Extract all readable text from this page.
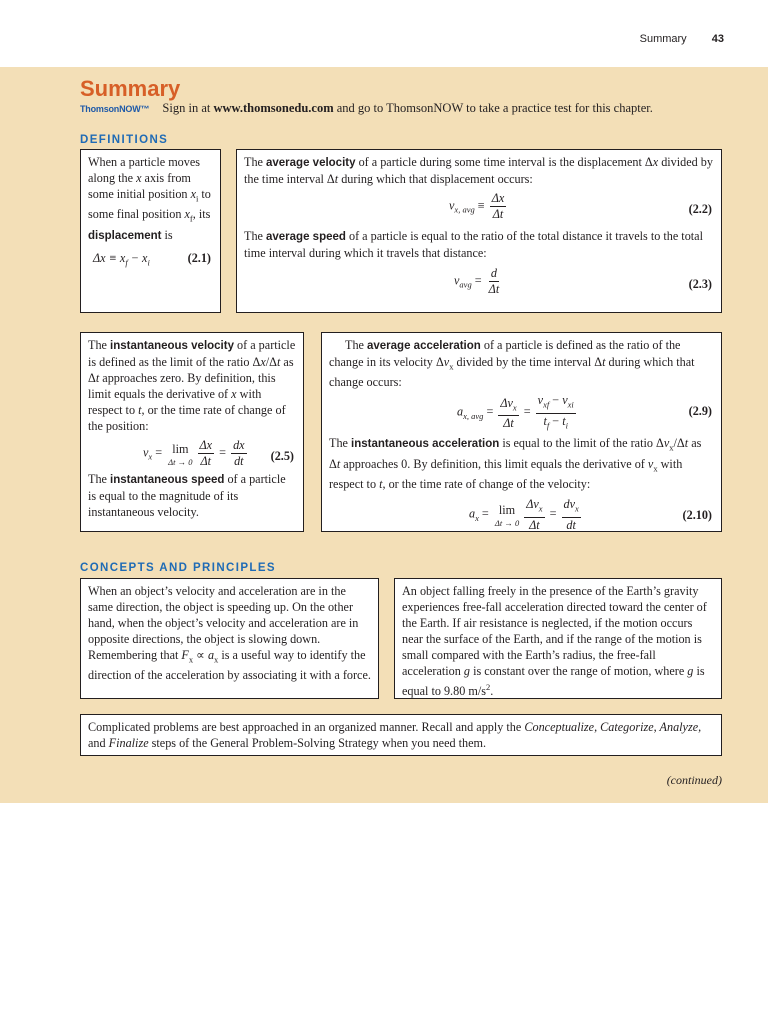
Summary 43
Summary
ThomsonNOW™ Sign in at www.thomsonedu.com and go to ThomsonNOW to take a practice test for this chapter.
DEFINITIONS

When a particle moves along the x axis from some initial position $x_i$ to some final position $x_f$, its displacement is

$\Delta x \equiv x_f - x_i$	(2.1)

The average velocity of a particle during some time interval is the displacement Δx divided by the time interval Δt during which that displacement occurs:

$v_{x, avg} \equiv \frac{\Delta x}{\Delta t}$	(2.2)

The average speed of a particle is equal to the ratio of the total distance it travels to the total time interval during which it travels that distance:

$v_{avg} = \frac{d}{\Delta t}$	(2.3)

The instantaneous velocity of a particle is defined as the limit of the ratio Δx/Δt as Δt approaches zero. By definition, this limit equals the derivative of x with respect to t, or the time rate of change of the position:

$v_x = \lim$
$\Delta t \to 0 \frac{\Delta x}{\Delta t} = \frac{dx}{dt} (2.5)$

The instantaneous speed of a particle is equal to the magnitude of its instantaneous velocity.

The average acceleration of a particle is defined as the ratio of the change in its velocity $\Delta v_x$ divided by the time interval Δt during which that change occurs:

$a_{x, avg} = \frac{\Delta v_x}{\Delta t} = \frac{v_{xf} - v_{xi}}{t_f - t_i}$	(2.9)

The instantaneous acceleration is equal to the limit of the ratio $\Delta v_x/\Delta t$ as Δt approaches 0. By definition, this limit equals the derivative of $v_x$ with respect to t, or the time rate of change of the velocity:

$a_x = \lim$
$\Delta t \to 0 \frac{\Delta v_x}{\Delta t} = \frac{dv_x}{dt}$	(2.10)
CONCEPTS AND PRINCIPLES

When an object’s velocity and acceleration are in the same direction, the object is speeding up. On the other hand, when the object’s velocity and acceleration are in opposite directions, the object is slowing down. Remembering that $F_x \propto a_x$ is a useful way to identify the direction of the acceleration by associating it with a force.

An object falling freely in the presence of the Earth’s gravity experiences free-fall acceleration directed toward the center of the Earth. If air resistance is neglected, if the motion occurs near the surface of the Earth, and if the range of the motion is small compared with the Earth’s radius, the free-fall acceleration g is constant over the range of motion, where g is equal to 9.80 $m/s^2$.

Complicated problems are best approached in an organized manner. Recall and apply the Conceptualize, Categorize, Analyze, and Finalize steps of the General Problem-Solving Strategy when you need them.

(continued)
